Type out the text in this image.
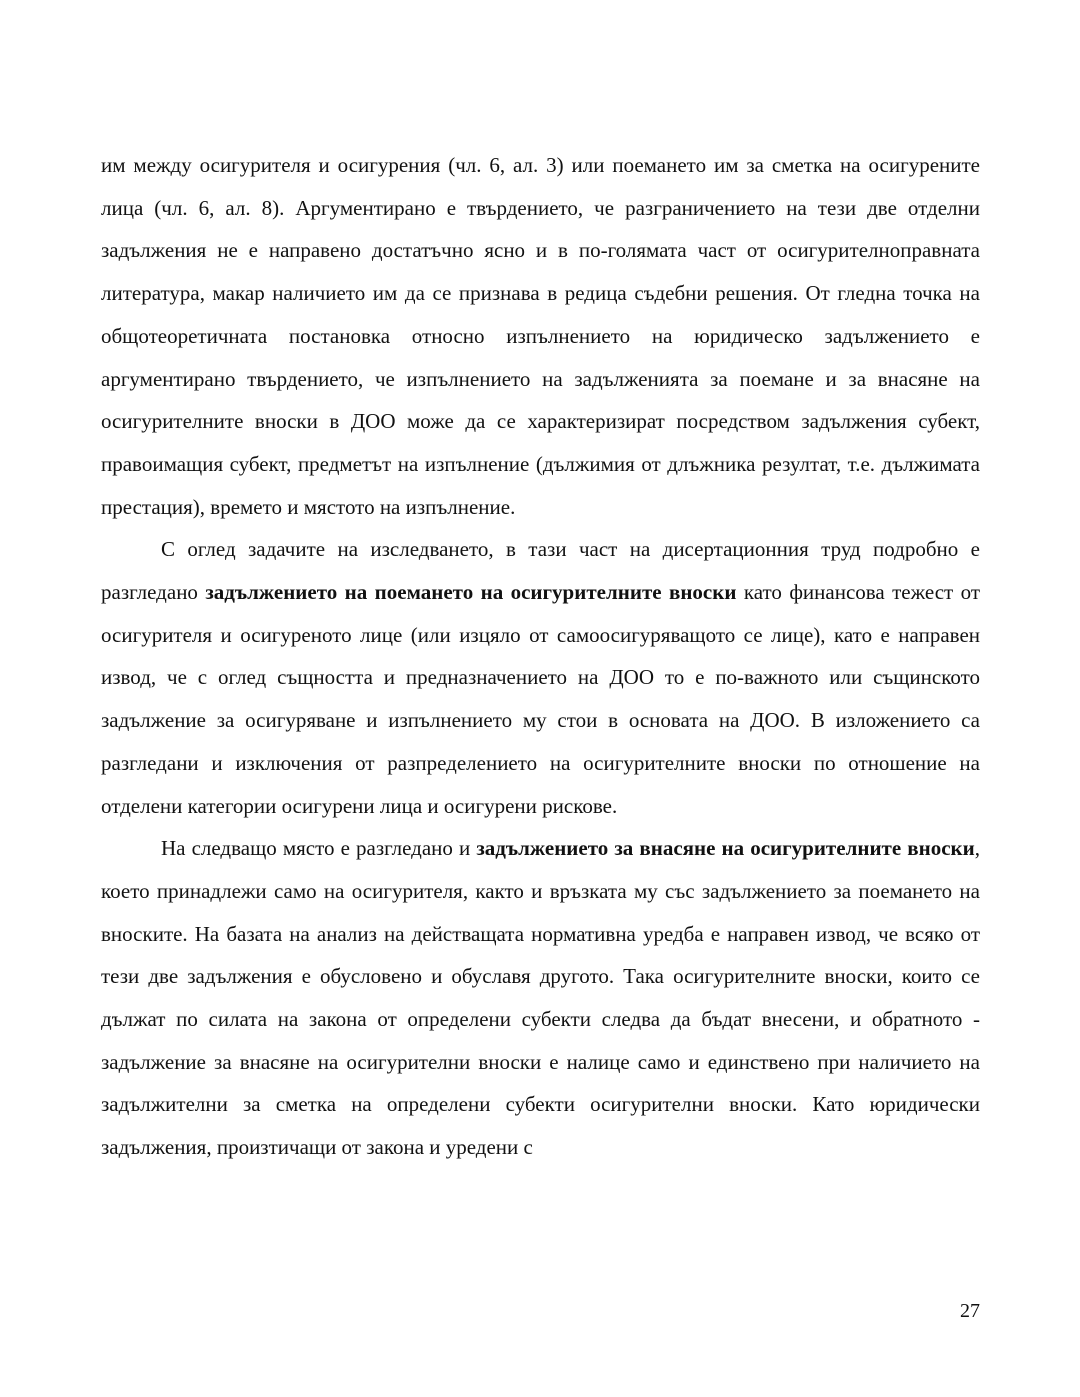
им между осигурителя и осигурения (чл. 6, ал. 3) или поемането им за сметка на осигурените лица (чл. 6, ал. 8). Аргументирано е твърдението, че разграничението на тези две отделни задължения не е направено достатъчно ясно и в по-голямата част от осигурителноправната литература, макар наличието им да се признава в редица съдебни решения. От гледна точка на общотеоретичната постановка относно изпълнението на юридическо задължението е аргументирано твърдението, че изпълнението на задълженията за поемане и за внасяне на осигурителните вноски в ДОО може да се характеризират посредством задължения субект, правоимащия субект, предметът на изпълнение (дължимия от длъжника резултат, т.е. дължимата престация), времето и мястото на изпълнение.

С оглед задачите на изследването, в тази част на дисертационния труд подробно е разгледано задължението на поемането на осигурителните вноски като финансова тежест от осигурителя и осигуреното лице (или изцяло от самоосигуряващото се лице), като е направен извод, че с оглед същността и предназначението на ДОО то е по-важното или същинското задължение за осигуряване и изпълнението му стои в основата на ДОО. В изложението са разгледани и изключения от разпределението на осигурителните вноски по отношение на отделени категории осигурени лица и осигурени рискове.

На следващо място е разгледано и задължението за внасяне на осигурителните вноски, което принадлежи само на осигурителя, както и връзката му със задължението за поемането на вноските. На базата на анализ на действащата нормативна уредба е направен извод, че всяко от тези две задължения е обусловено и обуславя другото. Така осигурителните вноски, които се дължат по силата на закона от определени субекти следва да бъдат внесени, и обратното - задължение за внасяне на осигурителни вноски е налице само и единствено при наличието на задължителни за сметка на определени субекти осигурителни вноски. Като юридически задължения, произтичащи от закона и уредени с

27
